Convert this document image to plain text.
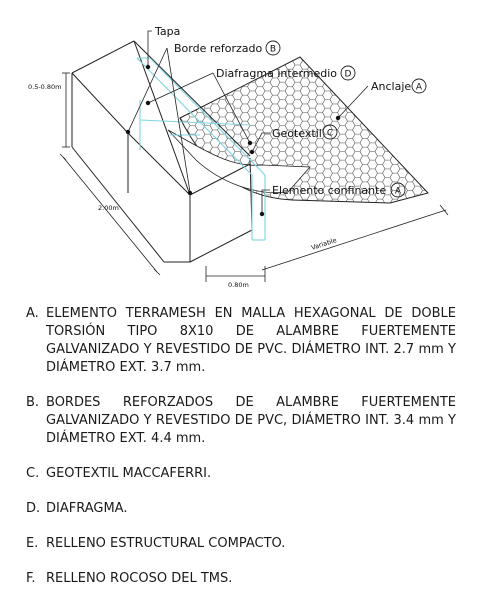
Tapa
Borde reforzado B
Diafragma intermedio D
Anclaje A
Geotextil C
Elemento confinante A
0.5-0.80m
2.00m
0.80m
Variable
A. ELEMENTO TERRAMESH EN MALLA HEXAGONAL DE DOBLE TORSIÓN TIPO 8X10 DE ALAMBRE FUERTEMENTE GALVANIZADO Y REVESTIDO DE PVC. DIÁMETRO INT. 2.7 mm Y DIÁMETRO EXT. 3.7 mm.
B. BORDES REFORZADOS DE ALAMBRE FUERTEMENTE GALVANIZADO Y REVESTIDO DE PVC, DIÁMETRO INT. 3.4 mm Y DIÁMETRO EXT. 4.4 mm.
C. GEOTEXTIL MACCAFERRI.
D. DIAFRAGMA.
E. RELLENO ESTRUCTURAL COMPACTO.
F. RELLENO ROCOSO DEL TMS.
